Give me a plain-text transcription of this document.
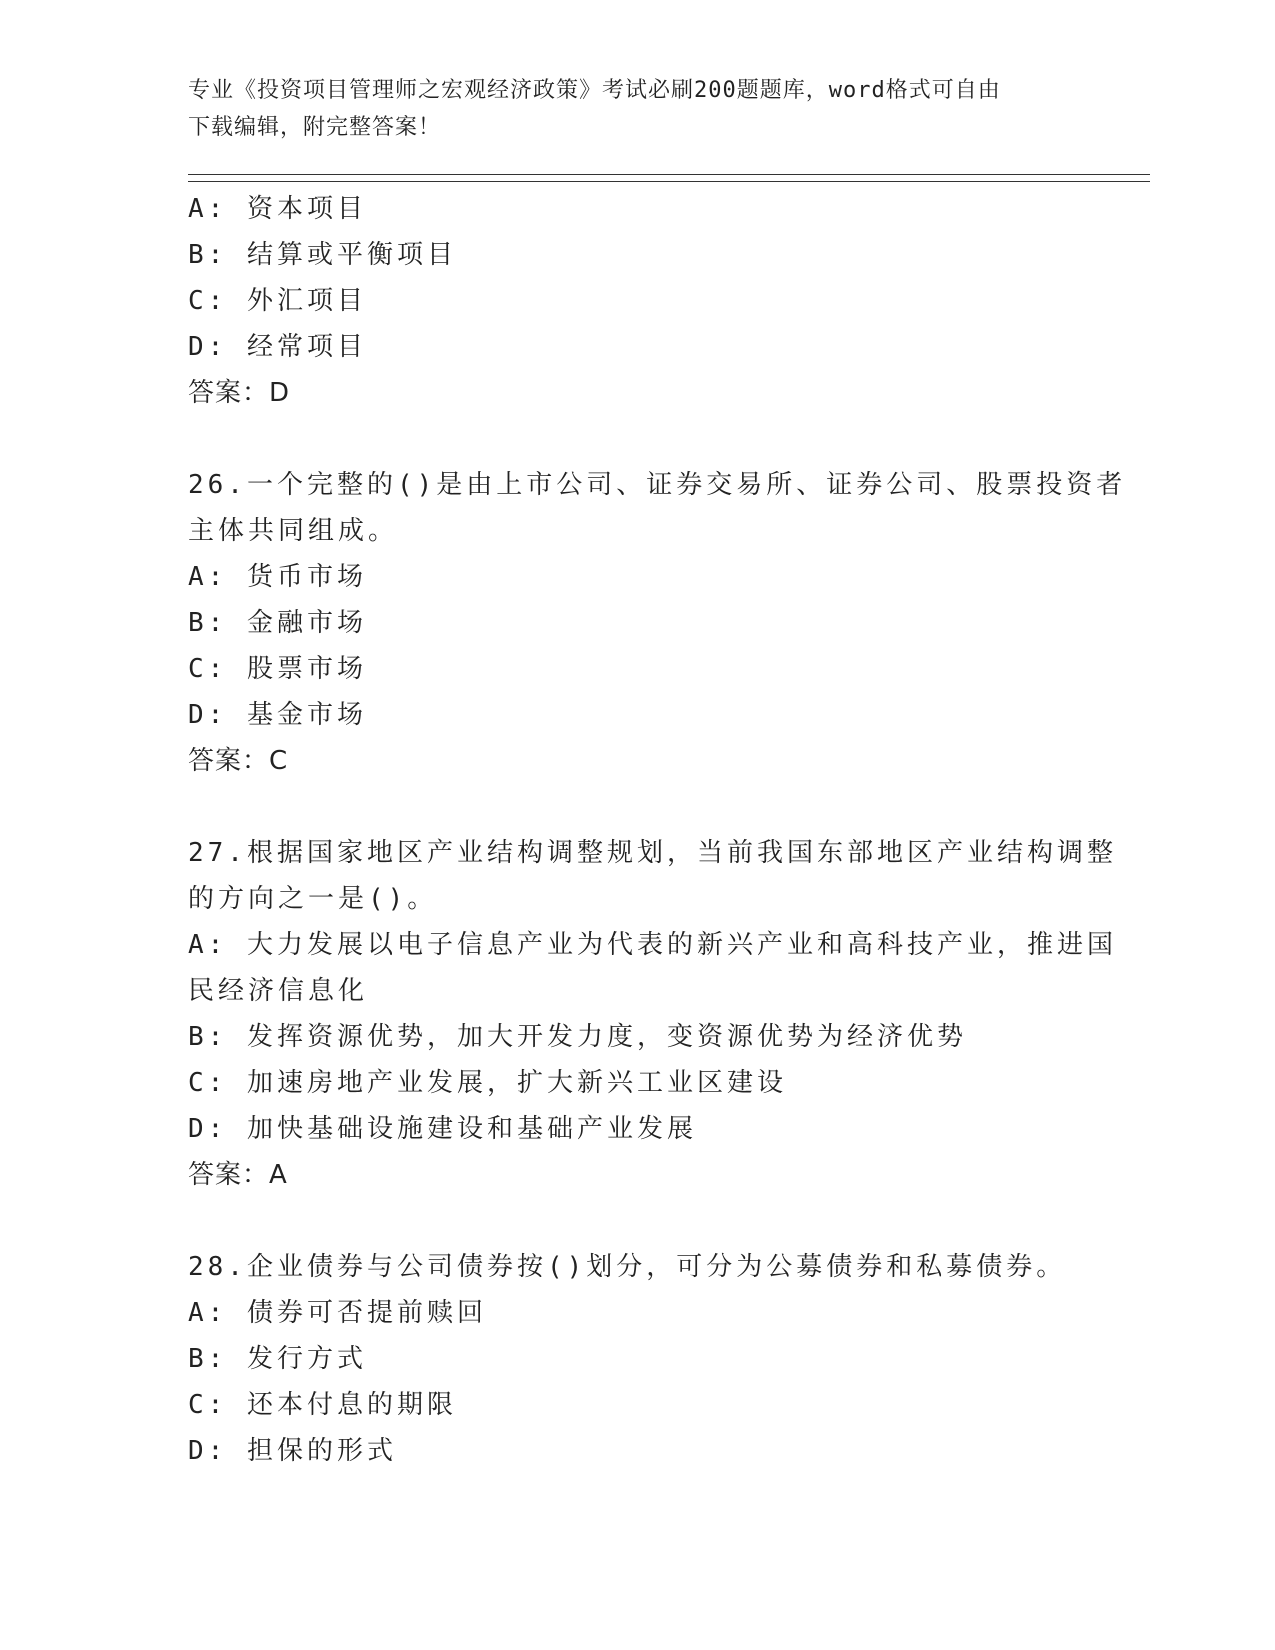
专业《投资项目管理师之宏观经济政策》考试必刷200题题库，word格式可自由
下载编辑，附完整答案！
A: 资本项目
B: 结算或平衡项目
C: 外汇项目
D: 经常项目
答案：D
26.一个完整的()是由上市公司、证券交易所、证券公司、股票投资者
主体共同组成。
A: 货币市场
B: 金融市场
C: 股票市场
D: 基金市场
答案：C
27.根据国家地区产业结构调整规划，当前我国东部地区产业结构调整
的方向之一是()。
A: 大力发展以电子信息产业为代表的新兴产业和高科技产业，推进国
民经济信息化
B: 发挥资源优势，加大开发力度，变资源优势为经济优势
C: 加速房地产业发展，扩大新兴工业区建设
D: 加快基础设施建设和基础产业发展
答案：A
28.企业债券与公司债券按()划分，可分为公募债券和私募债券。
A: 债券可否提前赎回
B: 发行方式
C: 还本付息的期限
D: 担保的形式
